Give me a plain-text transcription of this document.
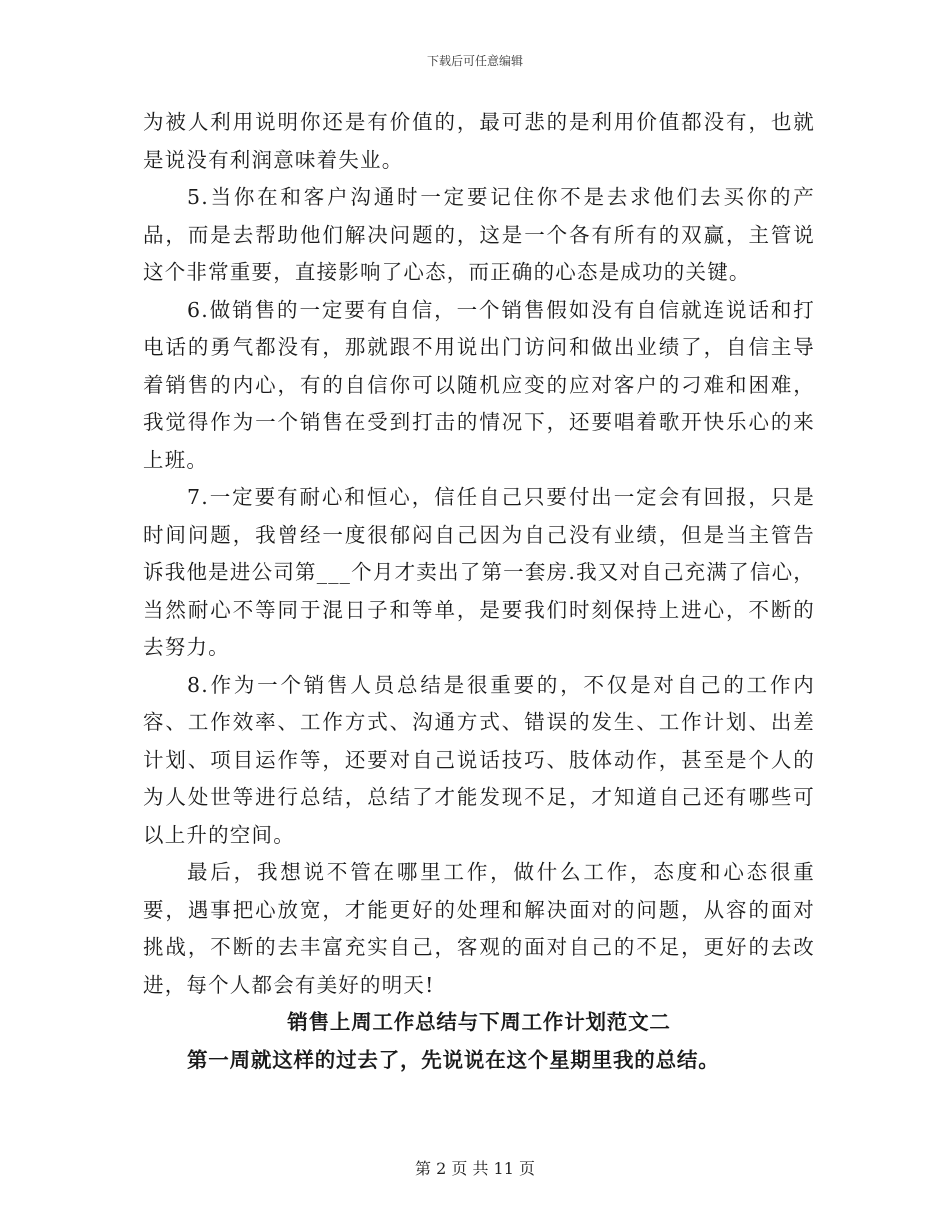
下载后可任意编辑

为被人利用说明你还是有价值的，最可悲的是利用价值都没有，也就是说没有利润意味着失业。

5.当你在和客户沟通时一定要记住你不是去求他们去买你的产品，而是去帮助他们解决问题的，这是一个各有所有的双赢，主管说这个非常重要，直接影响了心态，而正确的心态是成功的关键。

6.做销售的一定要有自信，一个销售假如没有自信就连说话和打电话的勇气都没有，那就跟不用说出门访问和做出业绩了，自信主导着销售的内心，有的自信你可以随机应变的应对客户的刁难和困难，我觉得作为一个销售在受到打击的情况下，还要唱着歌开快乐心的来上班。

7.一定要有耐心和恒心，信任自己只要付出一定会有回报，只是时间问题，我曾经一度很郁闷自己因为自己没有业绩，但是当主管告诉我他是进公司第___个月才卖出了第一套房.我又对自己充满了信心，当然耐心不等同于混日子和等单，是要我们时刻保持上进心，不断的去努力。

8.作为一个销售人员总结是很重要的，不仅是对自己的工作内容、工作效率、工作方式、沟通方式、错误的发生、工作计划、出差计划、项目运作等，还要对自己说话技巧、肢体动作，甚至是个人的为人处世等进行总结，总结了才能发现不足，才知道自己还有哪些可以上升的空间。

最后，我想说不管在哪里工作，做什么工作，态度和心态很重要，遇事把心放宽，才能更好的处理和解决面对的问题，从容的面对挑战，不断的去丰富充实自己，客观的面对自己的不足，更好的去改进，每个人都会有美好的明天!

销售上周工作总结与下周工作计划范文二

第一周就这样的过去了，先说说在这个星期里我的总结。

第 2 页 共 11 页
